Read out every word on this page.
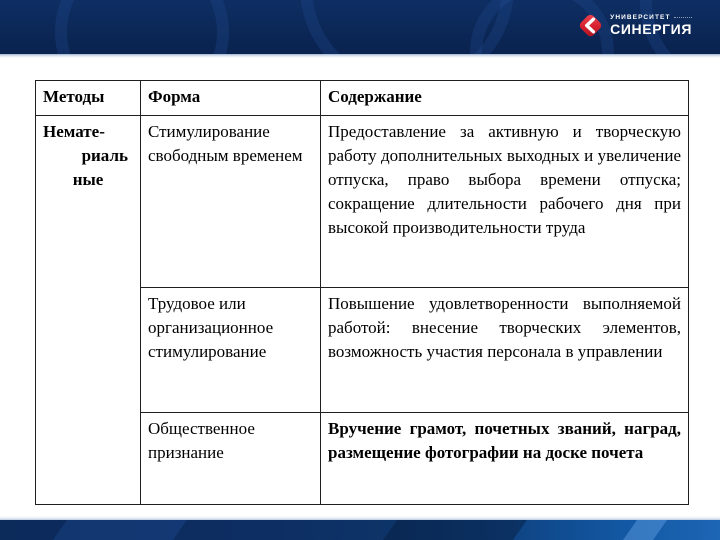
УНИВЕРСИТЕТ
СИНЕРГИЯ
Методы	Форма	Содержание

Немате-
риаль
ные	Стимулирование свободным временем	Предоставление за активную и творческую работу дополнительных выходных и увеличение отпуска, право выбора времени отпуска; сокращение длительности рабочего дня при высокой производительности труда
	Трудовое или организационное стимулирование	Повышение удовлетворенности выполняемой работой: внесение творческих элементов, возможность участия персонала в управлении
	Общественное признание	Вручение грамот, почетных званий, наград, размещение фотографии на доске почета
